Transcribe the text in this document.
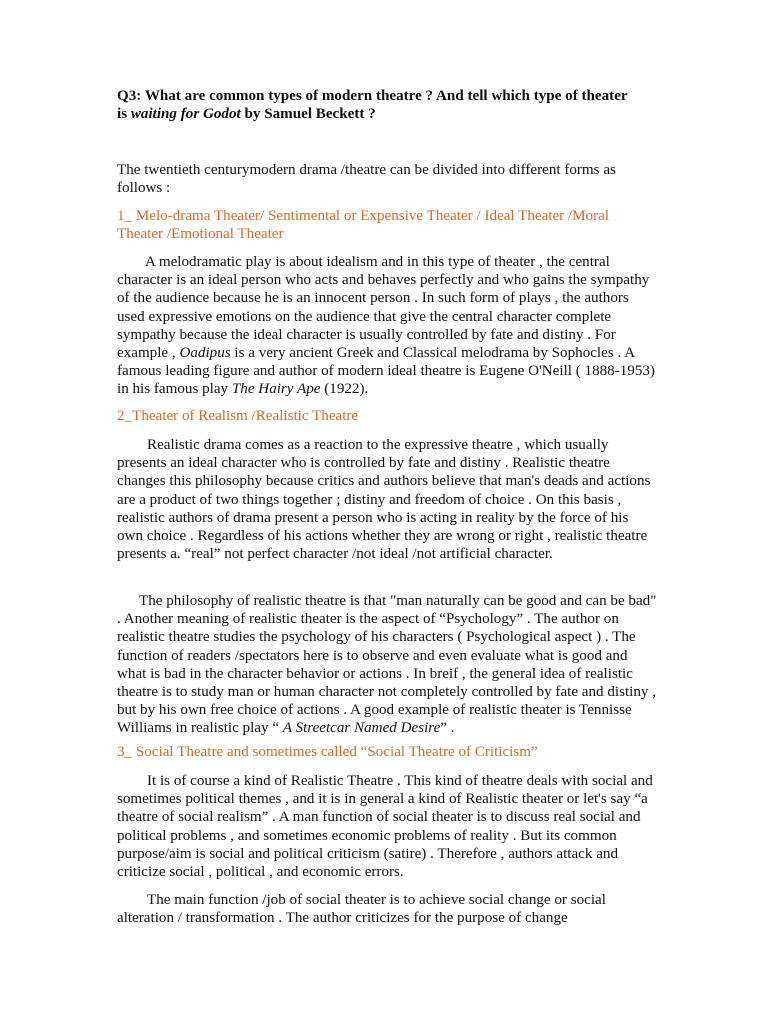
Q3: What are common types of modern theatre ? And tell which type of theater
is waiting for Godot by Samuel Beckett ?
The twentieth centurymodern drama /theatre can be divided into different forms as follows :
1_ Melo-drama Theater/ Sentimental or Expensive Theater / Ideal Theater /Moral Theater /Emotional Theater
A melodramatic play is about idealism and in this type of theater , the central character is an ideal person who acts and behaves perfectly and who gains the sympathy of the audience because he is an innocent person . In such form of plays , the authors used expressive emotions on the audience that give the central character complete sympathy because the ideal character is usually controlled by fate and distiny . For example , Oadipus is a very ancient Greek and Classical melodrama by Sophocles . A famous leading figure and author of modern ideal theatre is Eugene O'Neill ( 1888-1953) in his famous play The Hairy Ape (1922).
2_Theater of Realism /Realistic Theatre
Realistic drama comes as a reaction to the expressive theatre , which usually presents an ideal character who is controlled by fate and distiny . Realistic theatre changes this philosophy because critics and authors believe that man's deads and actions are a product of two things together ; distiny and freedom of choice . On this basis , realistic authors of drama present a person who is acting in reality by the force of his own choice . Regardless of his actions whether they are wrong or right , realistic theatre presents a. “real” not perfect character /not ideal /not artificial character.
The philosophy of realistic theatre is that "man naturally can be good and can be bad" . Another meaning of realistic theater is the aspect of “Psychology” . The author on realistic theatre studies the psychology of his characters ( Psychological aspect ) . The function of readers /spectators here is to observe and even evaluate what is good and what is bad in the character behavior or actions . In breif , the general idea of realistic theatre is to study man or human character not completely controlled by fate and distiny , but by his own free choice of actions . A good example of realistic theater is Tennisse Williams in realistic play “ A Streetcar Named Desire” .
3_ Social Theatre and sometimes called “Social Theatre of Criticism”
It is of course a kind of Realistic Theatre . This kind of theatre deals with social and sometimes political themes , and it is in general a kind of Realistic theater or let's say “a theatre of social realism” . A man function of social theater is to discuss real social and political problems , and sometimes economic problems of reality . But its common purpose/aim is social and political criticism (satire) . Therefore , authors attack and criticize social , political , and economic errors.
The main function /job of social theater is to achieve social change or social alteration / transformation . The author criticizes for the purpose of change
